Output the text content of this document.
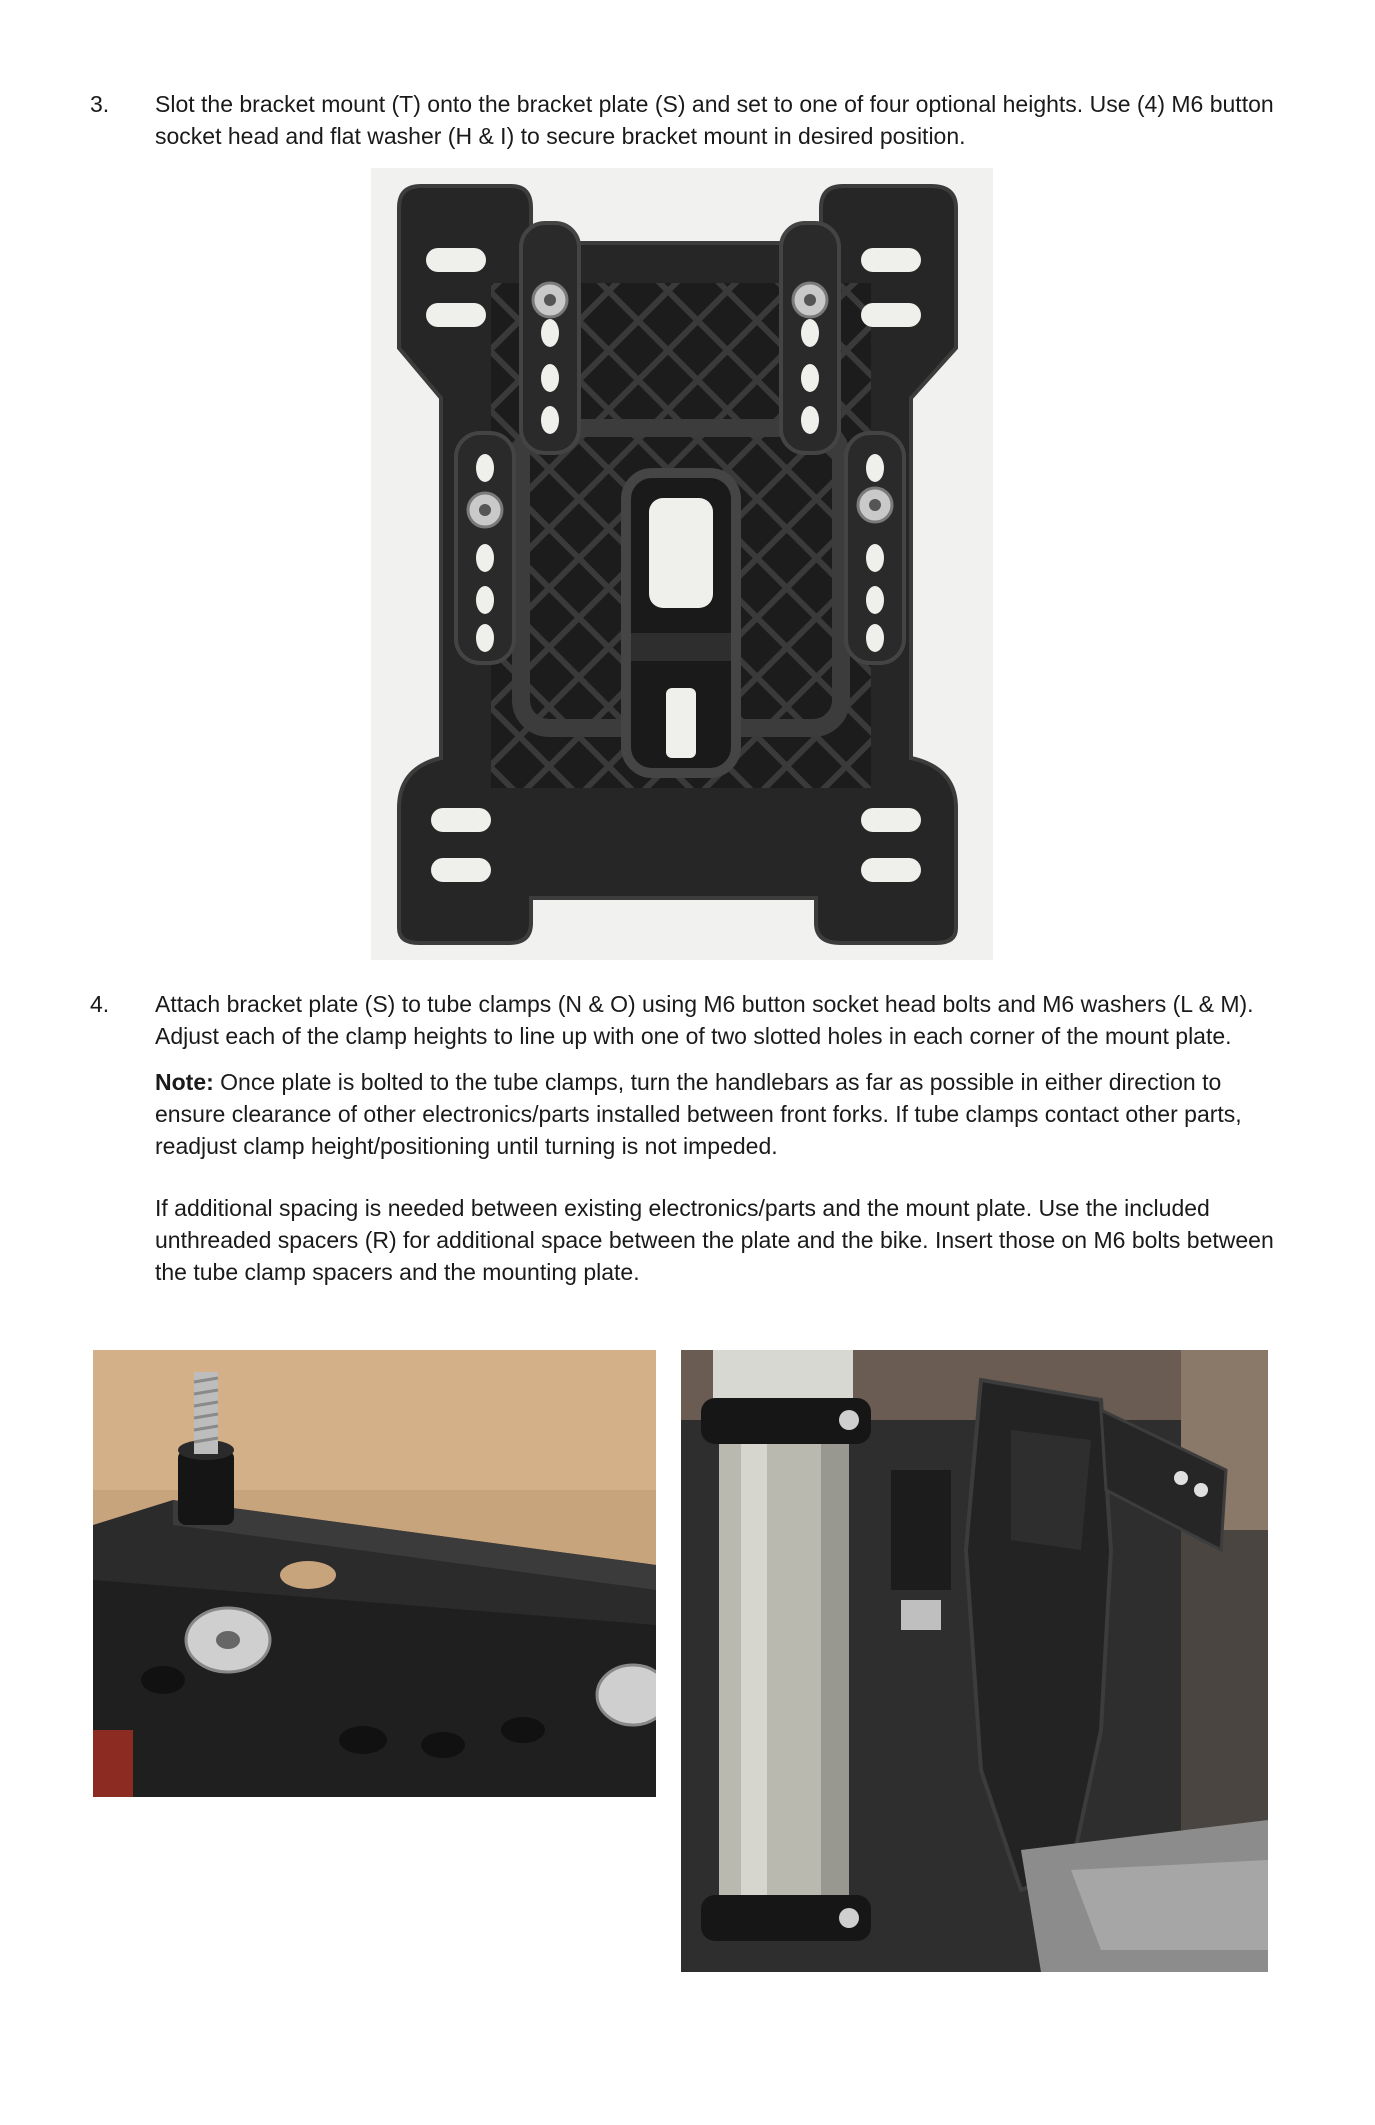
3.	Slot the bracket mount (T) onto the bracket plate (S) and set to one of four optional heights. Use (4) M6 button socket head and flat washer (H & I) to secure bracket mount in desired position.

4.	Attach bracket plate (S) to tube clamps (N & O) using M6 button socket head bolts and M6 washers (L & M). Adjust each of the clamp heights to line up with one of two slotted holes in each corner of the mount plate.

Note: Once plate is bolted to the tube clamps, turn the handlebars as far as possible in either direction to ensure clearance of other electronics/parts installed between front forks. If tube clamps contact other parts, readjust clamp height/positioning until turning is not impeded.

If additional spacing is needed between existing electronics/parts and the mount plate. Use the included unthreaded spacers (R) for additional space between the plate and the bike. Insert those on M6 bolts between the tube clamp spacers and the mounting plate.
